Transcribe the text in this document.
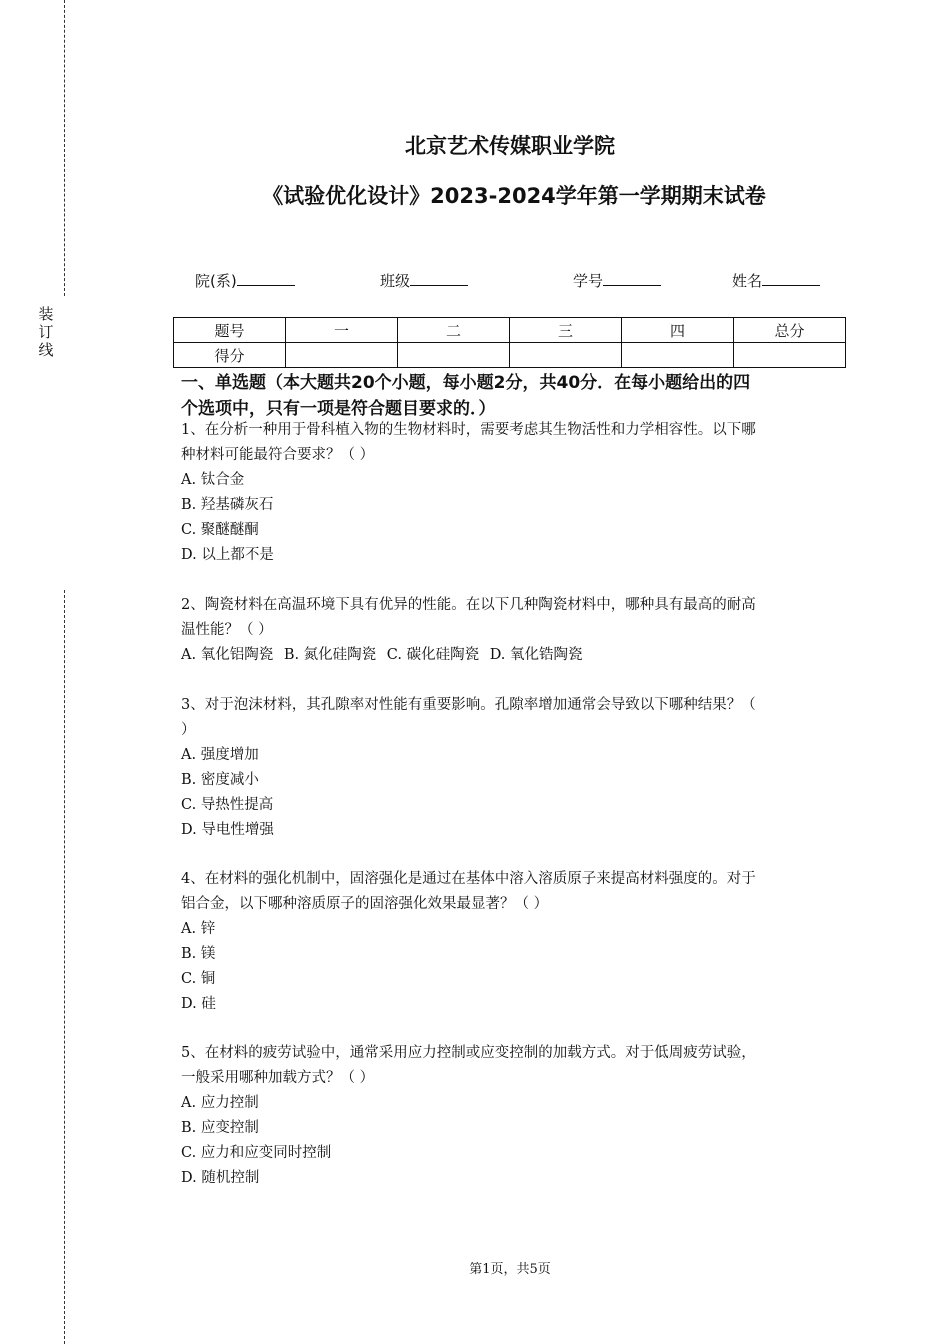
装
订
线
北京艺术传媒职业学院
《试验优化设计》2023-2024学年第一学期期末试卷
院(系)	班级	学号	姓名
题号	一	二	三	四	总分
得分					
一、单选题（本大题共20个小题，每小题2分，共40分．在每小题给出的四
个选项中，只有一项是符合题目要求的．）
1、在分析一种用于骨科植入物的生物材料时，需要考虑其生物活性和力学相容性。以下哪
种材料可能最符合要求？（ ）
A. 钛合金
B. 羟基磷灰石
C. 聚醚醚酮
D. 以上都不是
2、陶瓷材料在高温环境下具有优异的性能。在以下几种陶瓷材料中，哪种具有最高的耐高
温性能？（ ）
A. 氧化铝陶瓷 B. 氮化硅陶瓷 C. 碳化硅陶瓷 D. 氧化锆陶瓷
3、对于泡沫材料，其孔隙率对性能有重要影响。孔隙率增加通常会导致以下哪种结果？（
）
A. 强度增加
B. 密度减小
C. 导热性提高
D. 导电性增强
4、在材料的强化机制中，固溶强化是通过在基体中溶入溶质原子来提高材料强度的。对于
铝合金，以下哪种溶质原子的固溶强化效果最显著？（ ）
A. 锌
B. 镁
C. 铜
D. 硅
5、在材料的疲劳试验中，通常采用应力控制或应变控制的加载方式。对于低周疲劳试验，
一般采用哪种加载方式？（ ）
A. 应力控制
B. 应变控制
C. 应力和应变同时控制
D. 随机控制
第1页，共5页
